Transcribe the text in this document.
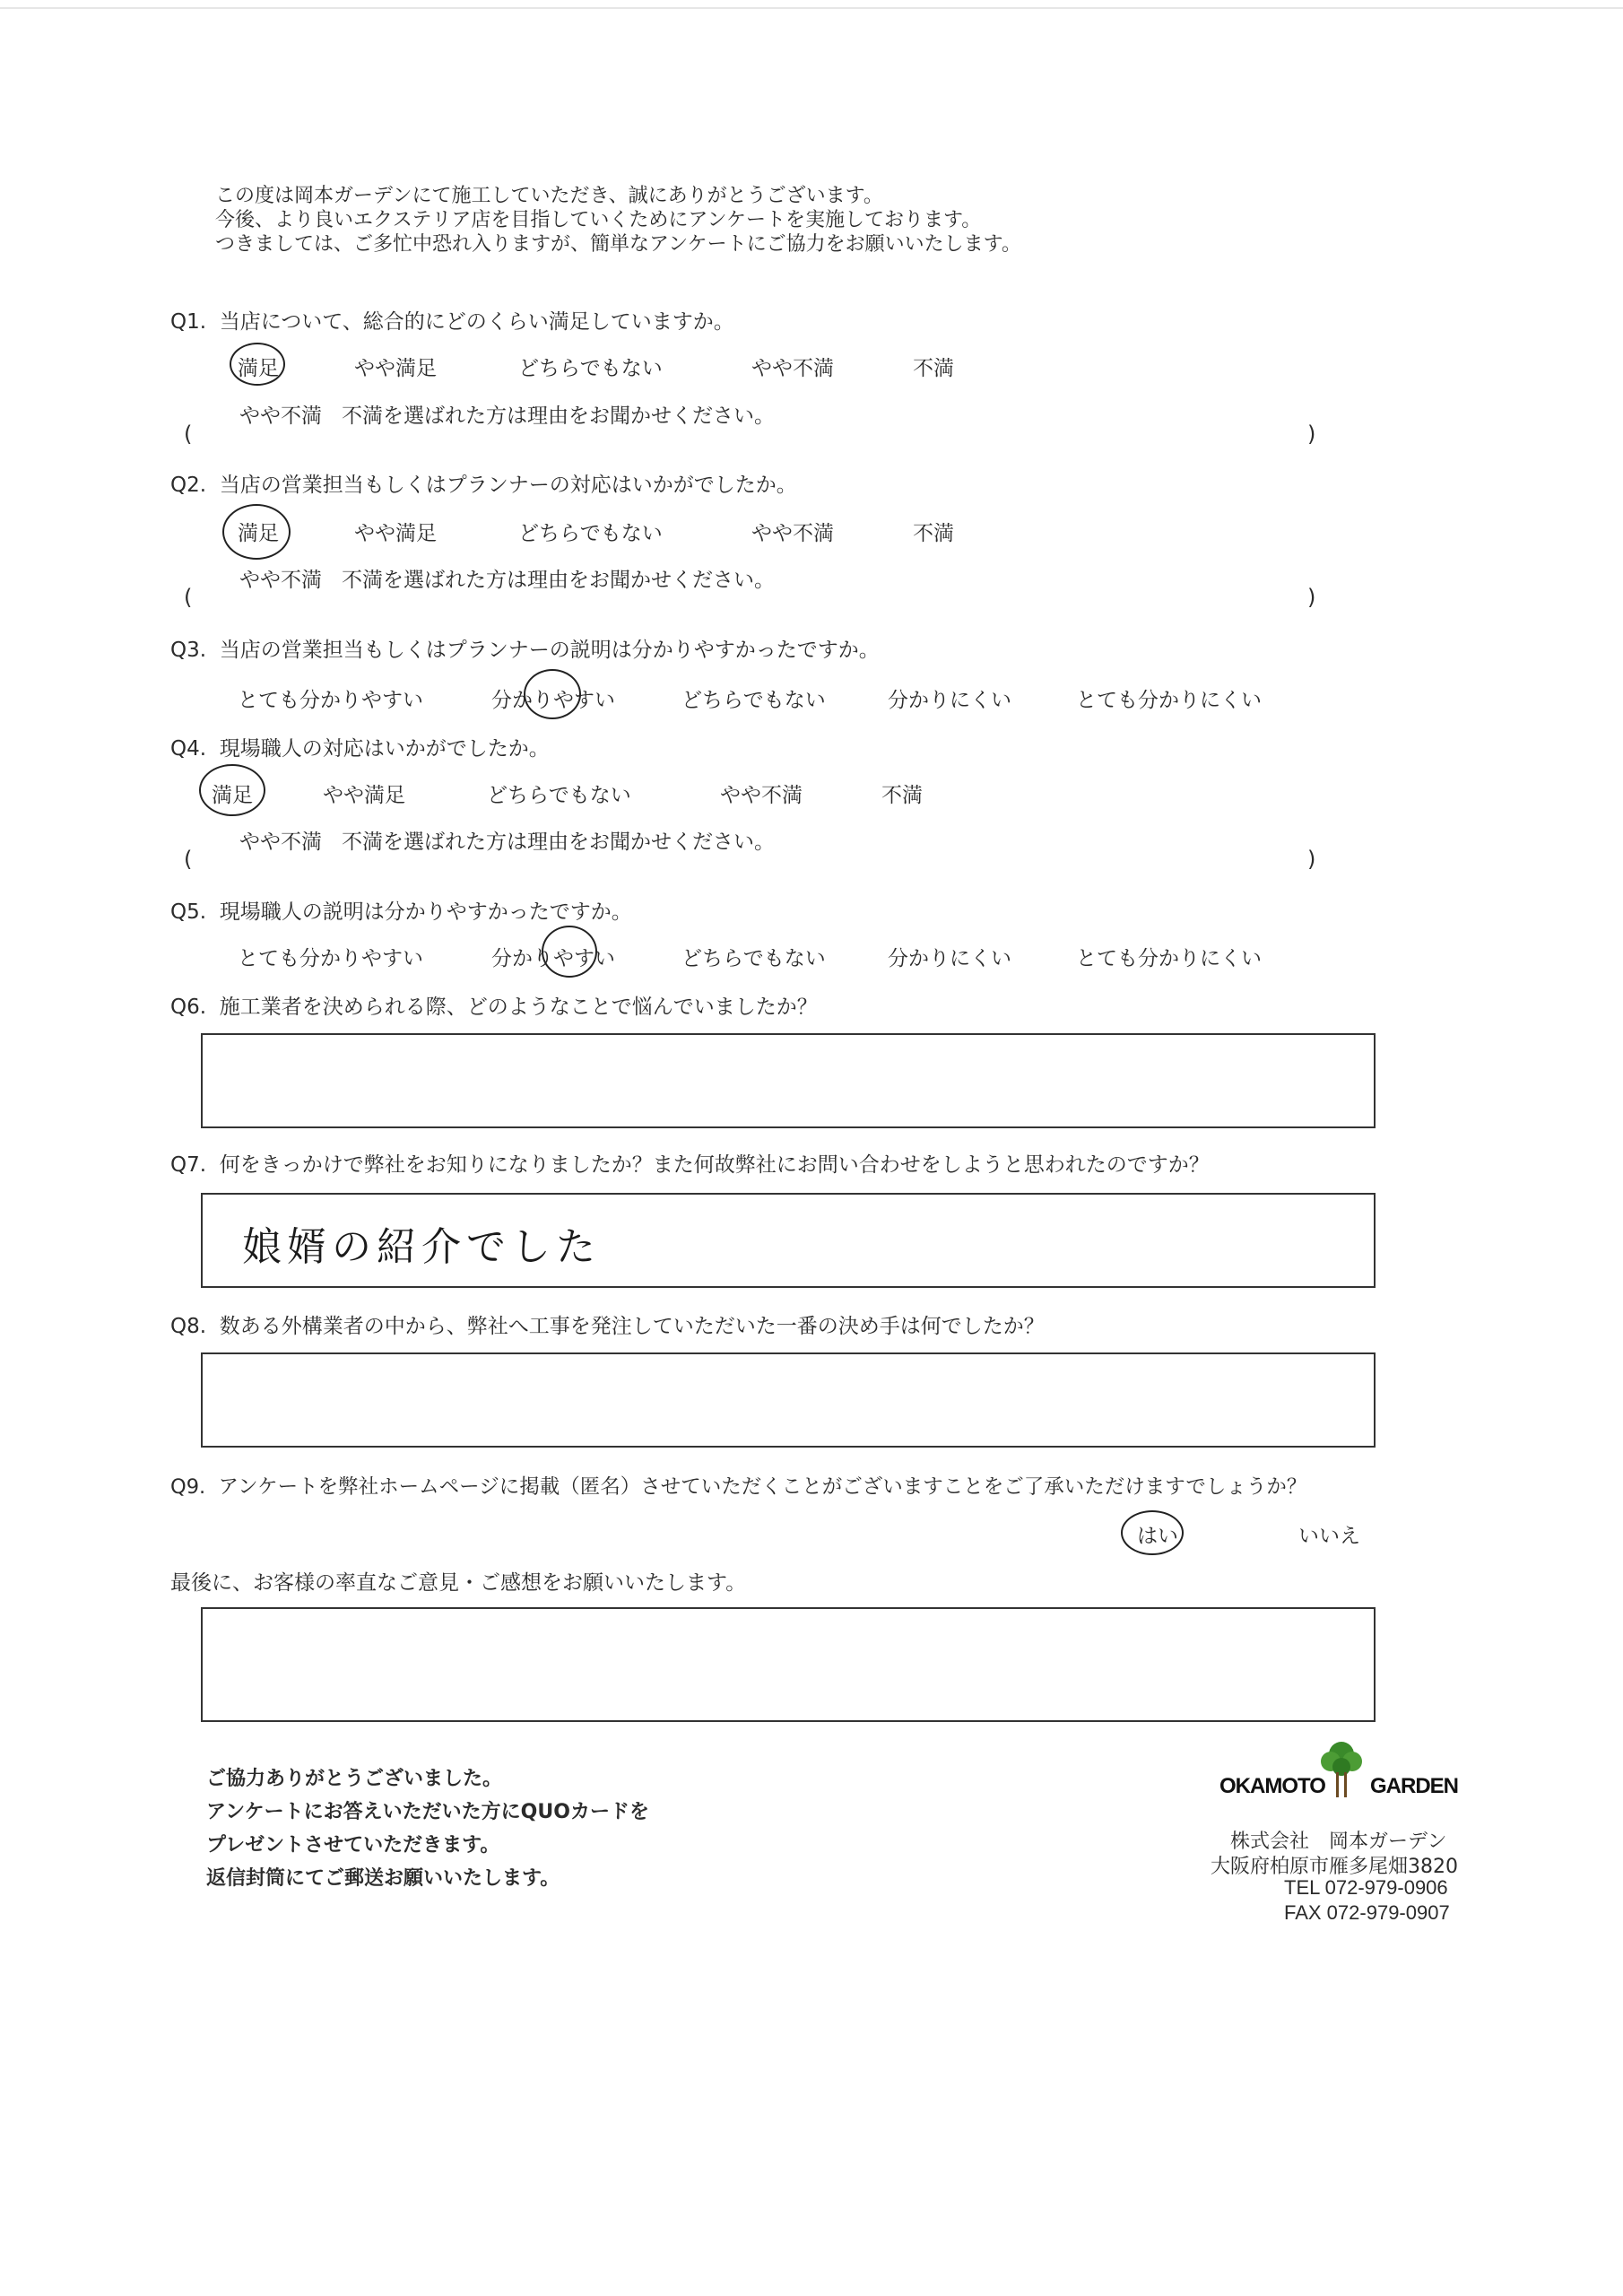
この度は岡本ガーデンにて施工していただき、誠にありがとうございます。
今後、より良いエクステリア店を目指していくためにアンケートを実施しております。
つきましては、ご多忙中恐れ入りますが、簡単なアンケートにご協力をお願いいたします。
Q1. 当店について、総合的にどのくらい満足していますか。
満足	やや満足	どちらでもない	やや不満	不満
やや不満 不満を選ばれた方は理由をお聞かせください。
(	)
Q2. 当店の営業担当もしくはプランナーの対応はいかがでしたか。
満足	やや満足	どちらでもない	やや不満	不満
やや不満 不満を選ばれた方は理由をお聞かせください。
(	)
Q3. 当店の営業担当もしくはプランナーの説明は分かりやすかったですか。
とても分かりやすい	分かりやすい	どちらでもない	分かりにくい	とても分かりにくい
Q4. 現場職人の対応はいかがでしたか。
満足	やや満足	どちらでもない	やや不満	不満
やや不満 不満を選ばれた方は理由をお聞かせください。
(	)
Q5. 現場職人の説明は分かりやすかったですか。
とても分かりやすい	分かりやすい	どちらでもない	分かりにくい	とても分かりにくい
Q6. 施工業者を決められる際、どのようなことで悩んでいましたか？
Q7. 何をきっかけで弊社をお知りになりましたか？また何故弊社にお問い合わせをしようと思われたのですか？
娘婿の紹介でした
Q8. 数ある外構業者の中から、弊社へ工事を発注していただいた一番の決め手は何でしたか？
Q9. アンケートを弊社ホームページに掲載（匿名）させていただくことがございますことをご了承いただけますでしょうか？
はい	いいえ
最後に、お客様の率直なご意見・ご感想をお願いいたします。
ご協力ありがとうございました。
アンケートにお答えいただいた方にQUOカードを
プレゼントさせていただきます。
返信封筒にてご郵送お願いいたします。
OKAMOTO GARDEN
株式会社　岡本ガーデン
大阪府柏原市雁多尾畑3820
TEL 072-979-0906
FAX 072-979-0907
